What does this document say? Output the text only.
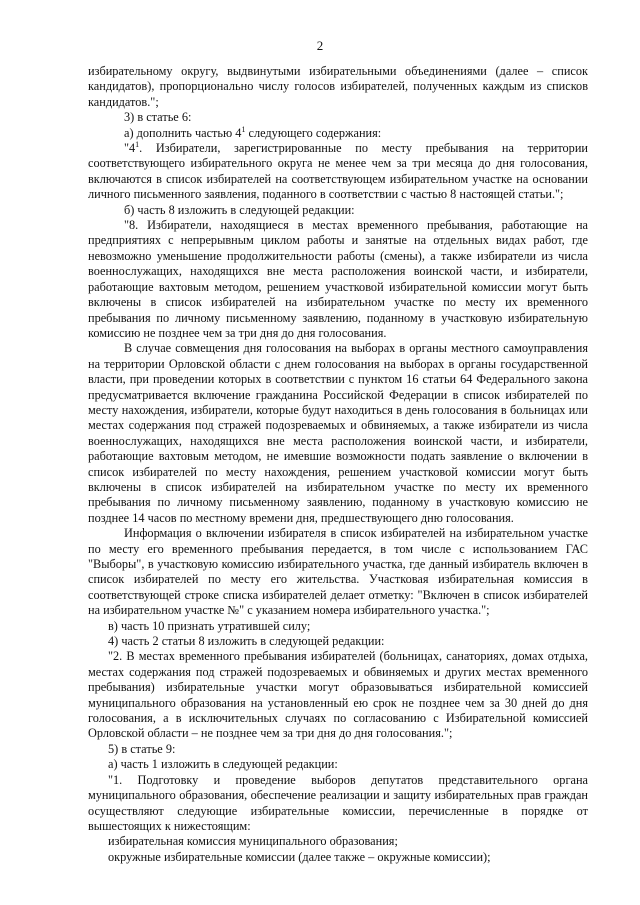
2

избирательному округу, выдвинутыми избирательными объединениями (далее – список кандидатов), пропорционально числу голосов избирателей, полученных каждым из списков кандидатов.";

3) в статье 6:

а) дополнить частью $4^1$ следующего содержания:

"$4^1$. Избиратели, зарегистрированные по месту пребывания на территории соответствующего избирательного округа не менее чем за три месяца до дня голосования, включаются в список избирателей на соответствующем избирательном участке на основании личного письменного заявления, поданного в соответствии с частью 8 настоящей статьи.";

б) часть 8 изложить в следующей редакции:

"8. Избиратели, находящиеся в местах временного пребывания, работающие на предприятиях с непрерывным циклом работы и занятые на отдельных видах работ, где невозможно уменьшение продолжительности работы (смены), а также избиратели из числа военнослужащих, находящихся вне места расположения воинской части, и избиратели, работающие вахтовым методом, решением участковой избирательной комиссии могут быть включены в список избирателей на избирательном участке по месту их временного пребывания по личному письменному заявлению, поданному в участковую избирательную комиссию не позднее чем за три дня до дня голосования.

В случае совмещения дня голосования на выборах в органы местного самоуправления на территории Орловской области с днем голосования на выборах в органы государственной власти, при проведении которых в соответствии с пунктом 16 статьи 64 Федерального закона предусматривается включение гражданина Российской Федерации в список избирателей по месту нахождения, избиратели, которые будут находиться в день голосования в больницах или местах содержания под стражей подозреваемых и обвиняемых, а также избиратели из числа военнослужащих, находящихся вне места расположения воинской части, и избиратели, работающие вахтовым методом, не имевшие возможности подать заявление о включении в список избирателей по месту нахождения, решением участковой комиссии могут быть включены в список избирателей на избирательном участке по месту их временного пребывания по личному письменному заявлению, поданному в участковую комиссию не позднее 14 часов по местному времени дня, предшествующего дню голосования.

Информация о включении избирателя в список избирателей на избирательном участке по месту его временного пребывания передается, в том числе с использованием ГАС "Выборы", в участковую комиссию избирательного участка, где данный избиратель включен в список избирателей по месту его жительства. Участковая избирательная комиссия в соответствующей строке списка избирателей делает отметку: "Включен в список избирателей на избирательном участке №" с указанием номера избирательного участка.";

в) часть 10 признать утратившей силу;

4) часть 2 статьи 8 изложить в следующей редакции:

"2. В местах временного пребывания избирателей (больницах, санаториях, домах отдыха, местах содержания под стражей подозреваемых и обвиняемых и других местах временного пребывания) избирательные участки могут образовываться избирательной комиссией муниципального образования на установленный ею срок не позднее чем за 30 дней до дня голосования, а в исключительных случаях по согласованию с Избирательной комиссией Орловской области – не позднее чем за три дня до дня голосования.";

5) в статье 9:

а) часть 1 изложить в следующей редакции:

"1. Подготовку и проведение выборов депутатов представительного органа муниципального образования, обеспечение реализации и защиту избирательных прав граждан осуществляют следующие избирательные комиссии, перечисленные в порядке от вышестоящих к нижестоящим:

избирательная комиссия муниципального образования;

окружные избирательные комиссии (далее также – окружные комиссии);
